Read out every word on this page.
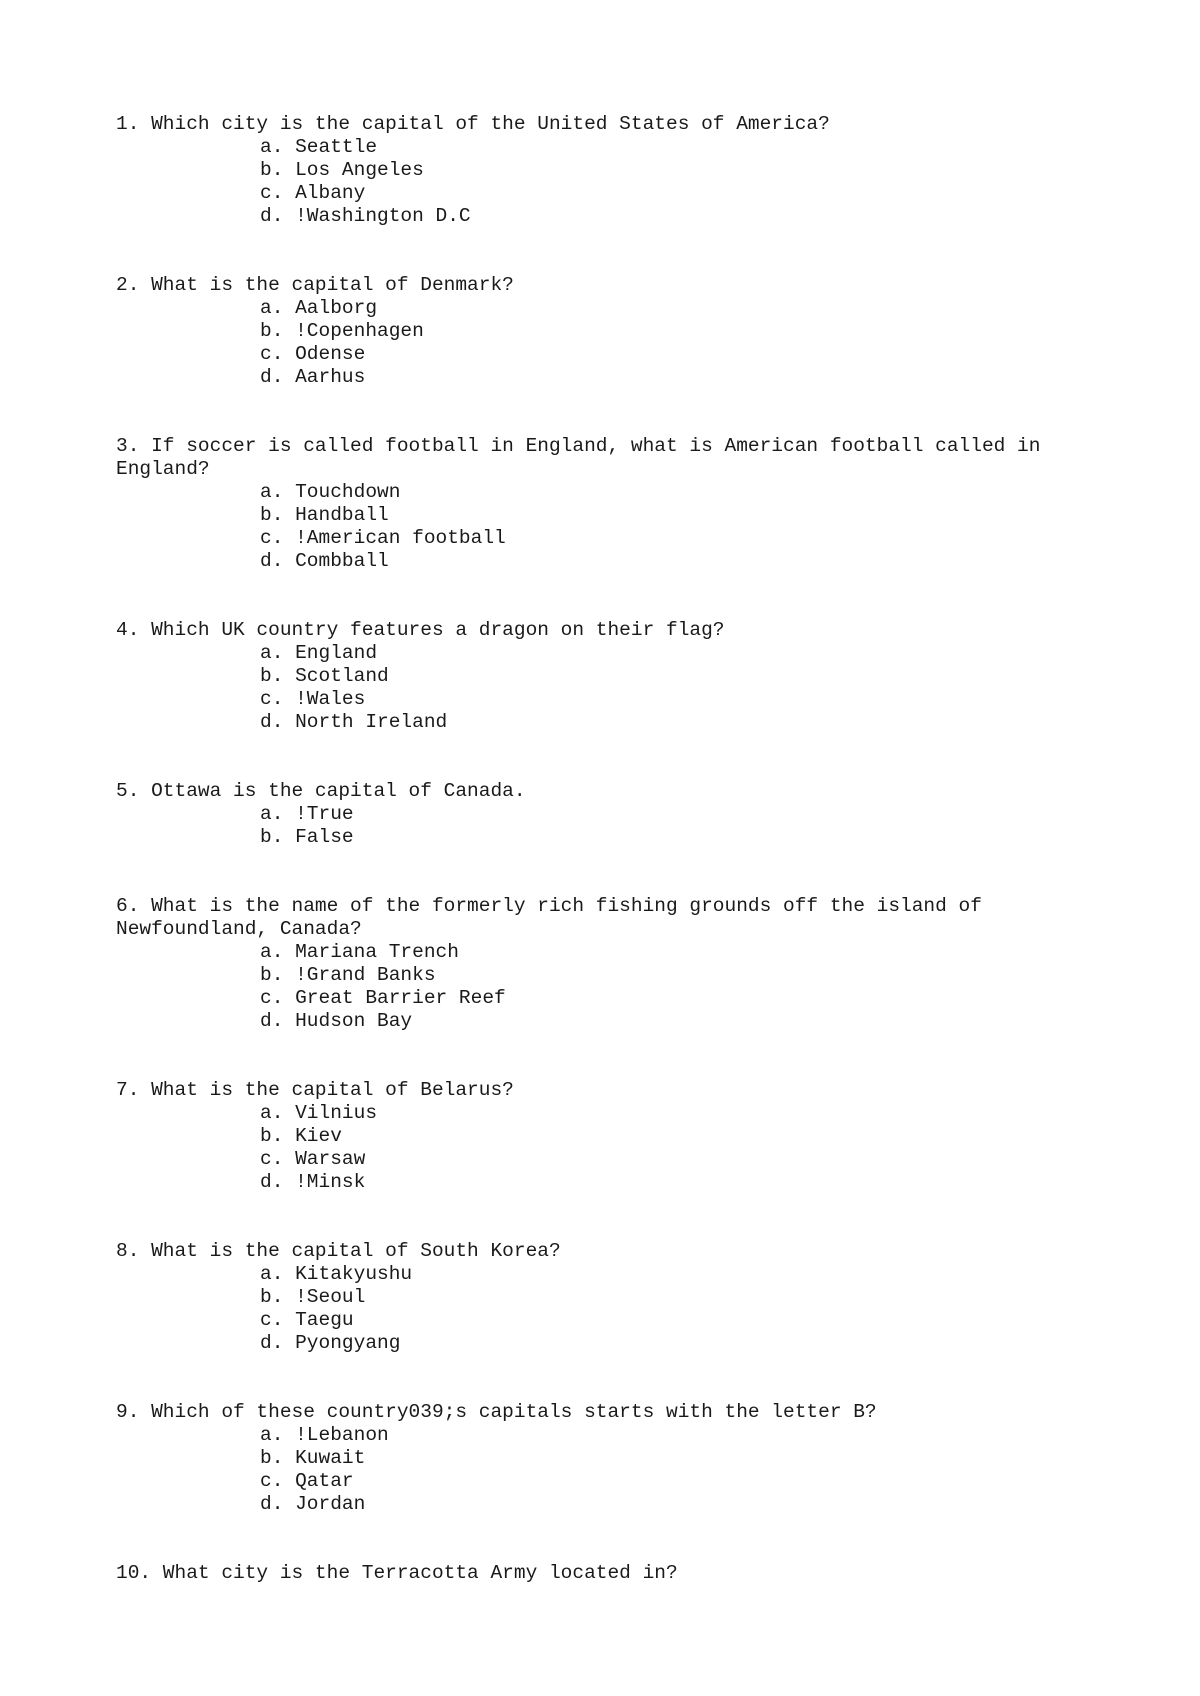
1. Which city is the capital of the United States of America?

a. Seattle
b. Los Angeles
c. Albany
d. !Washington D.C

2. What is the capital of Denmark?

a. Aalborg
b. !Copenhagen
c. Odense
d. Aarhus

3. If soccer is called football in England, what is American football called in England?

a. Touchdown
b. Handball
c. !American football
d. Combball

4. Which UK country features a dragon on their flag?

a. England
b. Scotland
c. !Wales
d. North Ireland

5. Ottawa is the capital of Canada.

a. !True
b. False

6. What is the name of the formerly rich fishing grounds off the island of Newfoundland, Canada?

a. Mariana Trench
b. !Grand Banks
c. Great Barrier Reef
d. Hudson Bay

7. What is the capital of Belarus?

a. Vilnius
b. Kiev
c. Warsaw
d. !Minsk

8. What is the capital of South Korea?

a. Kitakyushu
b. !Seoul
c. Taegu
d. Pyongyang

9. Which of these country039;s capitals starts with the letter B?

a. !Lebanon
b. Kuwait
c. Qatar
d. Jordan

10. What city is the Terracotta Army located in?
